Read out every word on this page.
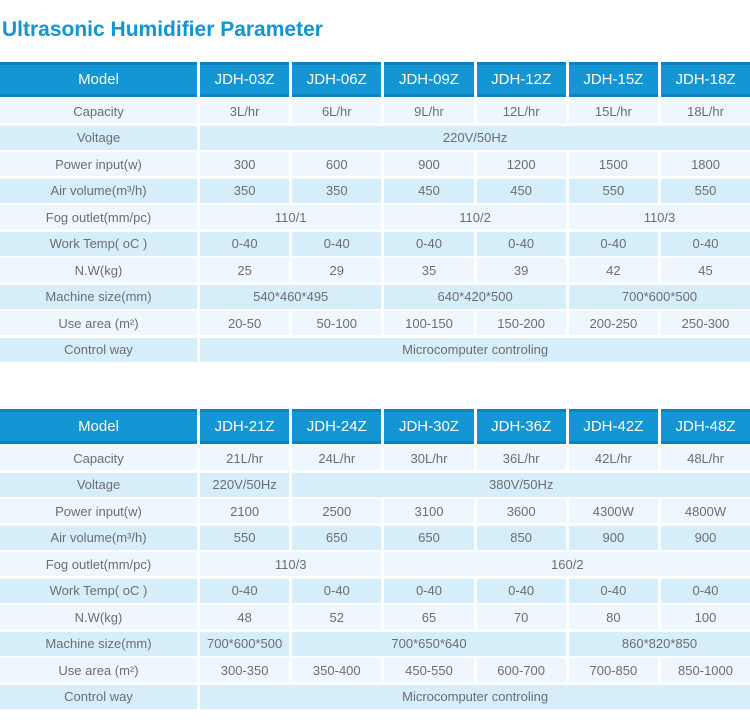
Ultrasonic Humidifier Parameter
Model	JDH-03Z	JDH-06Z	JDH-09Z	JDH-12Z	JDH-15Z	JDH-18Z
Capacity	3L/hr	6L/hr	9L/hr	12L/hr	15L/hr	18L/hr
Voltage	220V/50Hz
Power input(w)	300	600	900	1200	1500	1800
Air volume(m³/h)	350	350	450	450	550	550
Fog outlet(mm/pc)	110/1	110/2	110/3
Work Temp( oC )	0-40	0-40	0-40	0-40	0-40	0-40
N.W(kg)	25	29	35	39	42	45
Machine size(mm)	540*460*495	640*420*500	700*600*500
Use area (m²)	20-50	50-100	100-150	150-200	200-250	250-300
Control way	Microcomputer controling
Model	JDH-21Z	JDH-24Z	JDH-30Z	JDH-36Z	JDH-42Z	JDH-48Z
Capacity	21L/hr	24L/hr	30L/hr	36L/hr	42L/hr	48L/hr
Voltage	220V/50Hz	380V/50Hz
Power input(w)	2100	2500	3100	3600	4300W	4800W
Air volume(m³/h)	550	650	650	850	900	900
Fog outlet(mm/pc)	110/3	160/2
Work Temp( oC )	0-40	0-40	0-40	0-40	0-40	0-40
N.W(kg)	48	52	65	70	80	100
Machine size(mm)	700*600*500	700*650*640	860*820*850
Use area (m²)	300-350	350-400	450-550	600-700	700-850	850-1000
Control way	Microcomputer controling
